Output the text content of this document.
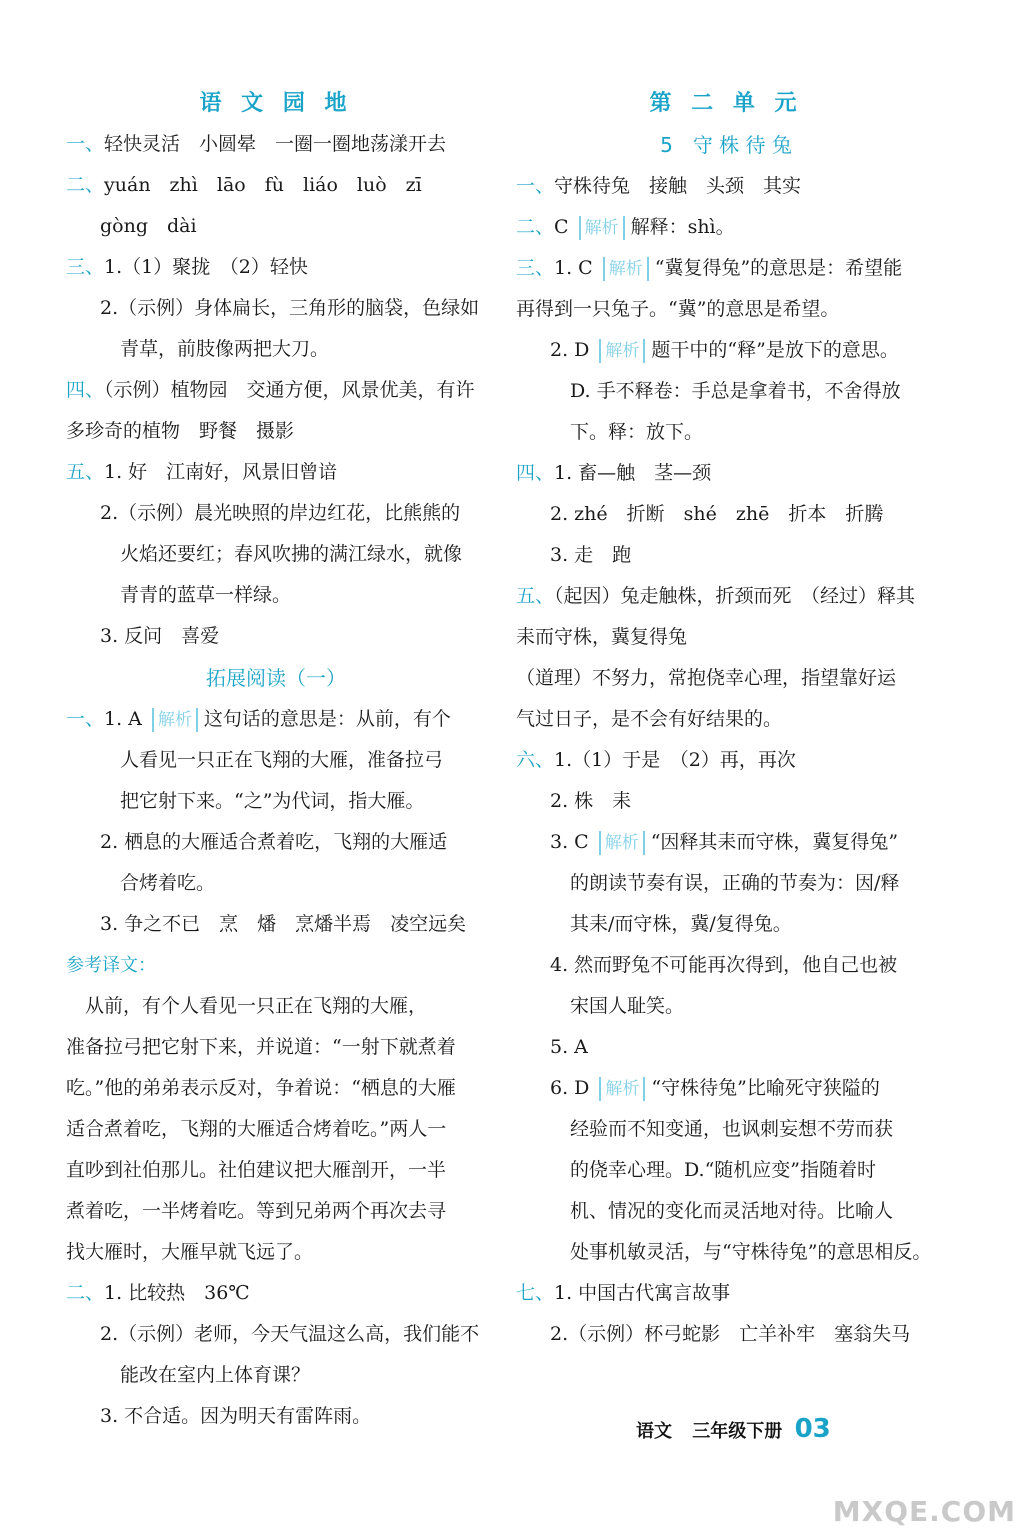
语 文 园 地
一、轻快灵活　小圆晕　一圈一圈地荡漾开去
二、yuán　zhì　lāo　fù　liáo　luò　zī
gòng　dài
三、1.（1）聚拢　（2）轻快
2.（示例）身体扁长，三角形的脑袋，色绿如
青草，前肢像两把大刀。
四、（示例）植物园　交通方便，风景优美，有许
多珍奇的植物　野餐　摄影
五、1. 好　江南好，风景旧曾谙
2.（示例）晨光映照的岸边红花，比熊熊的
火焰还要红；春风吹拂的满江绿水，就像
青青的蓝草一样绿。
3. 反问　喜爱
拓展阅读（一）
一、1. A 解析 这句话的意思是：从前，有个
人看见一只正在飞翔的大雁，准备拉弓
把它射下来。“之”为代词，指大雁。
2. 栖息的大雁适合煮着吃，飞翔的大雁适
合烤着吃。
3. 争之不已　烹　燔　烹燔半焉　凌空远矣
参考译文：
　从前，有个人看见一只正在飞翔的大雁，
准备拉弓把它射下来，并说道：“一射下就煮着
吃。”他的弟弟表示反对，争着说：“栖息的大雁
适合煮着吃，飞翔的大雁适合烤着吃。”两人一
直吵到社伯那儿。社伯建议把大雁剖开，一半
煮着吃，一半烤着吃。等到兄弟两个再次去寻
找大雁时，大雁早就飞远了。
二、1. 比较热　36℃
2.（示例）老师，今天气温这么高，我们能不
能改在室内上体育课？
3. 不合适。因为明天有雷阵雨。
第 二 单 元
5　守 株 待 兔
一、守株待兔　接触　头颈　其实
二、C 解析 解释：shì。
三、1. C 解析 “冀复得兔”的意思是：希望能
再得到一只兔子。“冀”的意思是希望。
2. D 解析 题干中的“释”是放下的意思。
D. 手不释卷：手总是拿着书，不舍得放
下。释：放下。
四、1. 畜—触　茎—颈
2. zhé　折断　shé　zhē　折本　折腾
3. 走　跑
五、（起因）兔走触株，折颈而死　（经过）释其
耒而守株，冀复得兔
（道理）不努力，常抱侥幸心理，指望靠好运
气过日子，是不会有好结果的。
六、1.（1）于是　（2）再，再次
2. 株　耒
3. C 解析 “因释其耒而守株，冀复得兔”
的朗读节奏有误，正确的节奏为：因/释
其耒/而守株，冀/复得兔。
4. 然而野兔不可能再次得到，他自己也被
宋国人耻笑。
5. A
6. D 解析 “守株待兔”比喻死守狭隘的
经验而不知变通，也讽刺妄想不劳而获
的侥幸心理。D.“随机应变”指随着时
机、情况的变化而灵活地对待。比喻人
处事机敏灵活，与“守株待兔”的意思相反。
七、1. 中国古代寓言故事
2.（示例）杯弓蛇影　亡羊补牢　塞翁失马
语文 三年级下册 03
MXQE.COM
